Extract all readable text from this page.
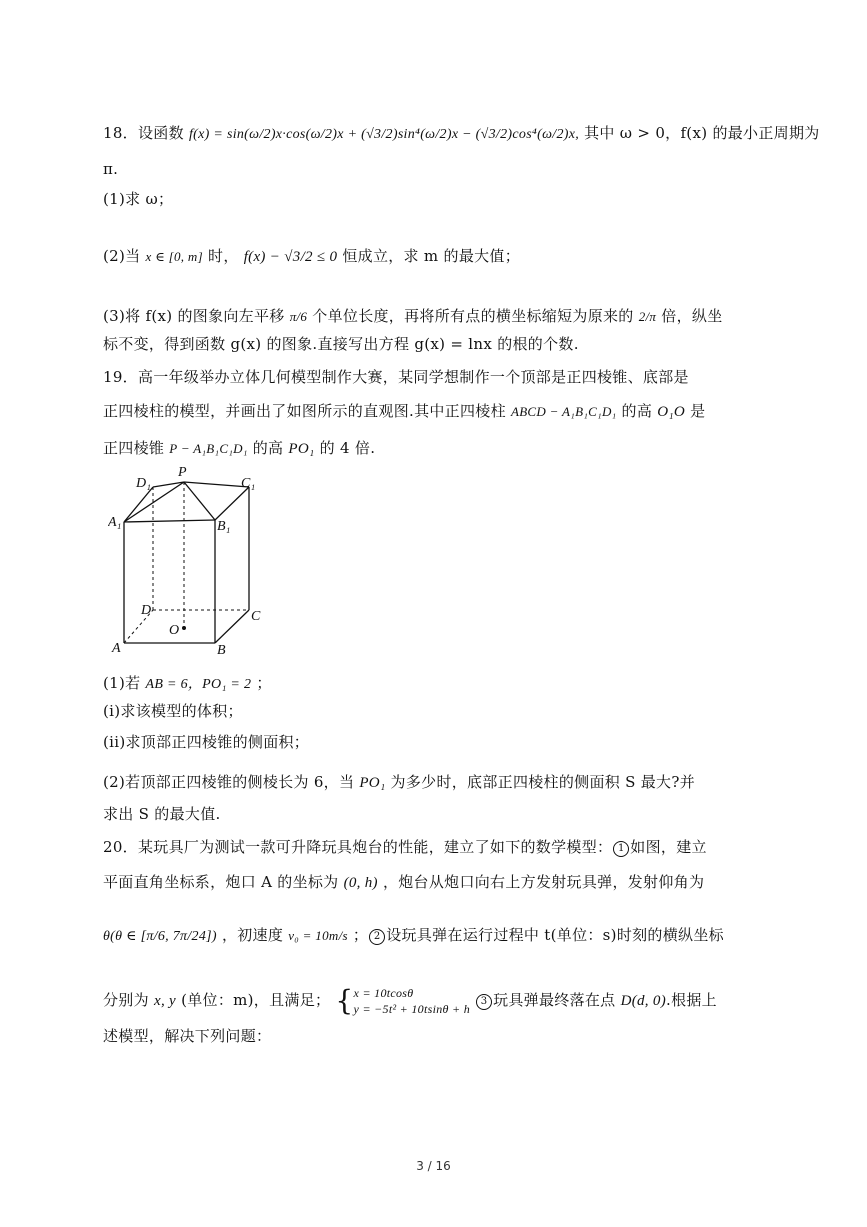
18．设函数 f(x) = sin(ω/2)x·cos(ω/2)x + (√3/2)sin⁴(ω/2)x − (√3/2)cos⁴(ω/2)x, 其中 ω > 0，f(x) 的最小正周期为
π.
(1)求 ω；
(2)当 x ∈ [0, m] 时， f(x) − √3/2 ≤ 0 恒成立，求 m 的最大值；
(3)将 f(x) 的图象向左平移 π/6 个单位长度，再将所有点的横坐标缩短为原来的 2/π 倍，纵坐
标不变，得到函数 g(x) 的图象.直接写出方程 g(x) = lnx 的根的个数.
19．高一年级举办立体几何模型制作大赛，某同学想制作一个顶部是正四棱锥、底部是
正四棱柱的模型，并画出了如图所示的直观图.其中正四棱柱 ABCD − A₁B₁C₁D₁ 的高 O₁O 是
正四棱锥 P − A₁B₁C₁D₁ 的高 PO₁ 的 4 倍.
P
D₁	C₁
A₁	B₁
D	C
A	B
O
(1)若 AB = 6，PO₁ = 2 ；
(i)求该模型的体积；
(ii)求顶部正四棱锥的侧面积；
(2)若顶部正四棱锥的侧棱长为 6，当 PO₁ 为多少时，底部正四棱柱的侧面积 S 最大?并
求出 S 的最大值.
20．某玩具厂为测试一款可升降玩具炮台的性能，建立了如下的数学模型： 1 如图，建立
平面直角坐标系，炮口 A 的坐标为 (0, h) ，炮台从炮口向右上方发射玩具弹，发射仰角为
θ(θ ∈ [π/6, 7π/24]) ，初速度 v₀ = 10m/s ； 2 设玩具弹在运行过程中 t(单位：s)时刻的横纵坐标
分别为 x, y (单位：m)，且满足； { x = 10tcosθ
y = −5t² + 10tsinθ + h
3 玩具弹最终落在点 D(d, 0).根据上
述模型，解决下列问题：
3 / 16
